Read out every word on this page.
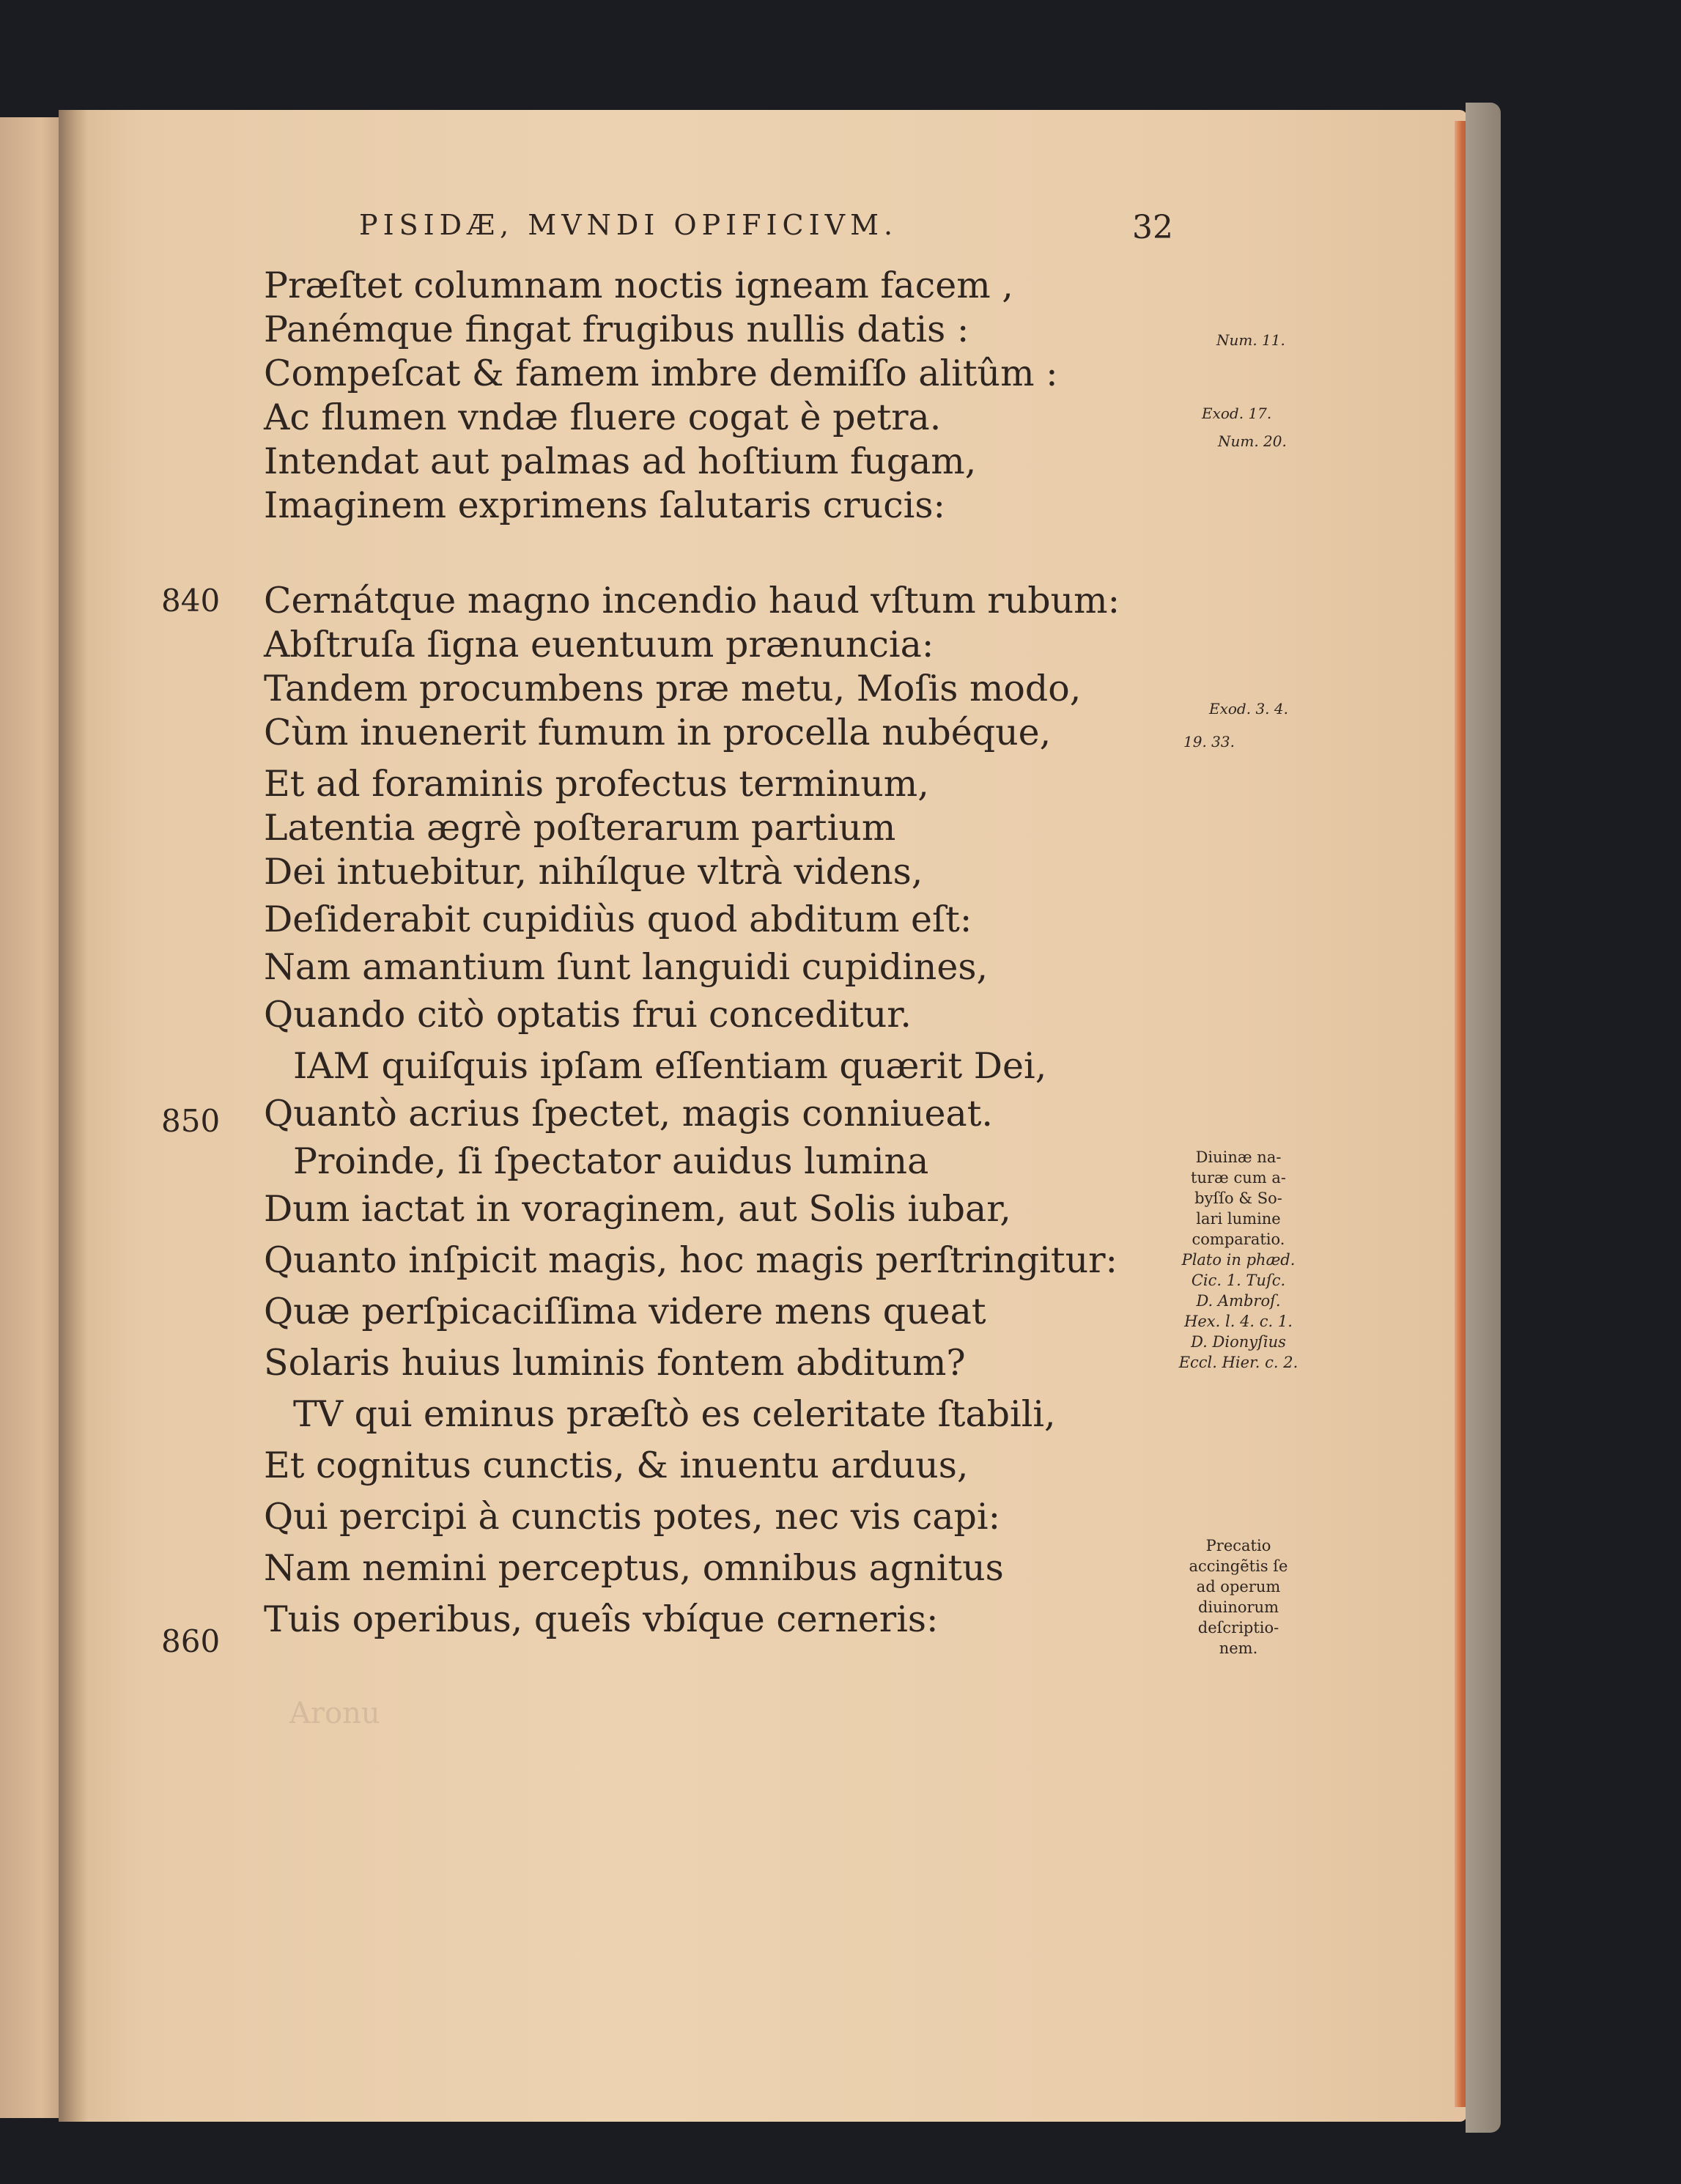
PISIDÆ, MVNDI OPIFICIVM.	32
Præſtet columnam noctis igneam facem ,
Panémque fingat frugibus nullis datis :
Compeſcat & famem imbre demiſſo alitûm :
Ac flumen vndæ fluere cogat è petra.
Intendat aut palmas ad hoſtium fugam,
Imaginem exprimens ſalutaris crucis:
Cernátque magno incendio haud vſtum rubum:
Abſtruſa ſigna euentuum prænuncia:
Tandem procumbens præ metu, Moſis modo,
Cùm inuenerit fumum in procella nubéque,
Et ad foraminis profectus terminum,
Latentia ægrè poſterarum partium
Dei intuebitur, nihílque vltrà videns,
Deſiderabit cupidiùs quod abditum eſt:
Nam amantium ſunt languidi cupidines,
Quando citò optatis frui conceditur.
IAM quiſquis ipſam eſſentiam quærit Dei,
Quantò acrius ſpectet, magis conniueat.
Proinde, ſi ſpectator auidus lumina
Dum iactat in voraginem, aut Solis iubar,
Quanto inſpicit magis, hoc magis perſtringitur:
Quæ perſpicaciſſima videre mens queat
Solaris huius luminis fontem abditum?
TV qui eminus præſtò es celeritate ſtabili,
Et cognitus cunctis, & inuentu arduus,
Qui percipi à cunctis potes, nec vis capi:
Nam nemini perceptus, omnibus agnitus
Tuis operibus, queîs vbíque cerneris:
840
850
860
Num. 11.
Exod. 17.
Num. 20.
Exod. 3. 4.
19. 33.
Diuinæ na-
turæ cum a-
byſſo & So-
lari lumine
comparatio.
Plato in phæd.
Cic. 1. Tuſc.
D. Ambroſ.
Hex. l. 4. c. 1.
D. Dionyſius
Eccl. Hier. c. 2.
Precatio
accingẽtis ſe
ad operum
diuinorum
deſcriptio-
nem.
Aronu
